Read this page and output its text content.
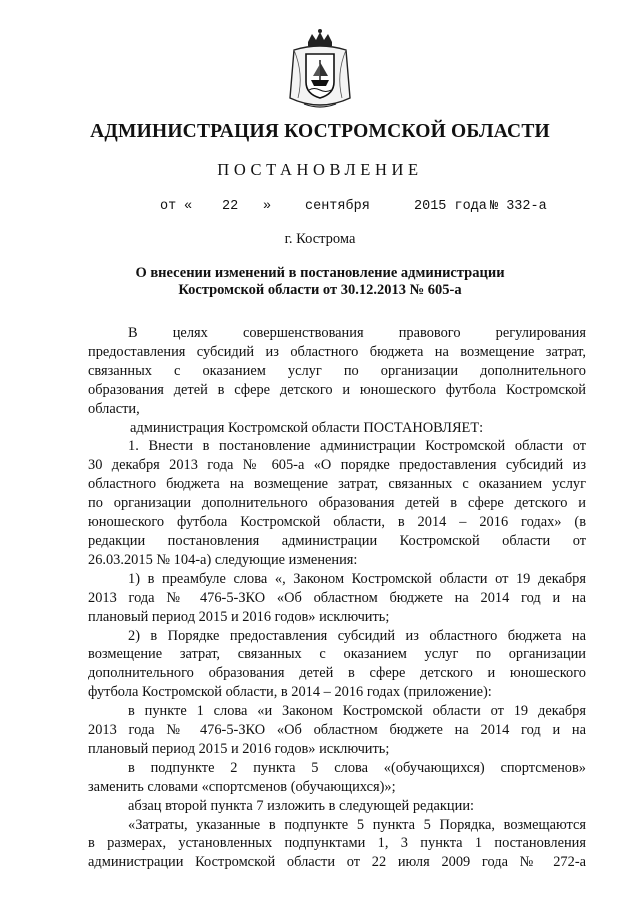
АДМИНИСТРАЦИЯ КОСТРОМСКОЙ ОБЛАСТИ
ПОСТАНОВЛЕНИЕ
от « 22 »	сентября	2015 года № 332-а
г. Кострома
О внесении изменений в постановление администрации
Костромской области от 30.12.2013 № 605-а

В целях совершенствования правового регулирования

предоставления субсидий из областного бюджета на возмещение затрат,

связанных с оказанием услуг по организации дополнительного

образования детей в сфере детского и юношеского футбола Костромской

области,

администрация Костромской области ПОСТАНОВЛЯЕТ:

1. Внести в постановление администрации Костромской области от

30 декабря 2013 года № 605-а «О порядке предоставления субсидий из

областного бюджета на возмещение затрат, связанных с оказанием услуг

по организации дополнительного образования детей в сфере детского и

юношеского футбола Костромской области, в 2014 – 2016 годах» (в

редакции постановления администрации Костромской области от

26.03.2015 № 104-а) следующие изменения:

1) в преамбуле слова «, Законом Костромской области от 19 декабря

2013 года № 476-5-ЗКО «Об областном бюджете на 2014 год и на

плановый период 2015 и 2016 годов» исключить;

2) в Порядке предоставления субсидий из областного бюджета на

возмещение затрат, связанных с оказанием услуг по организации

дополнительного образования детей в сфере детского и юношеского

футбола Костромской области, в 2014 – 2016 годах (приложение):

в пункте 1 слова «и Законом Костромской области от 19 декабря

2013 года № 476-5-ЗКО «Об областном бюджете на 2014 год и на

плановый период 2015 и 2016 годов» исключить;

в подпункте 2 пункта 5 слова «(обучающихся) спортсменов»

заменить словами «спортсменов (обучающихся)»;

абзац второй пункта 7 изложить в следующей редакции:

«Затраты, указанные в подпункте 5 пункта 5 Порядка, возмещаются

в размерах, установленных подпунктами 1, 3 пункта 1 постановления

администрации Костромской области от 22 июля 2009 года № 272-а
